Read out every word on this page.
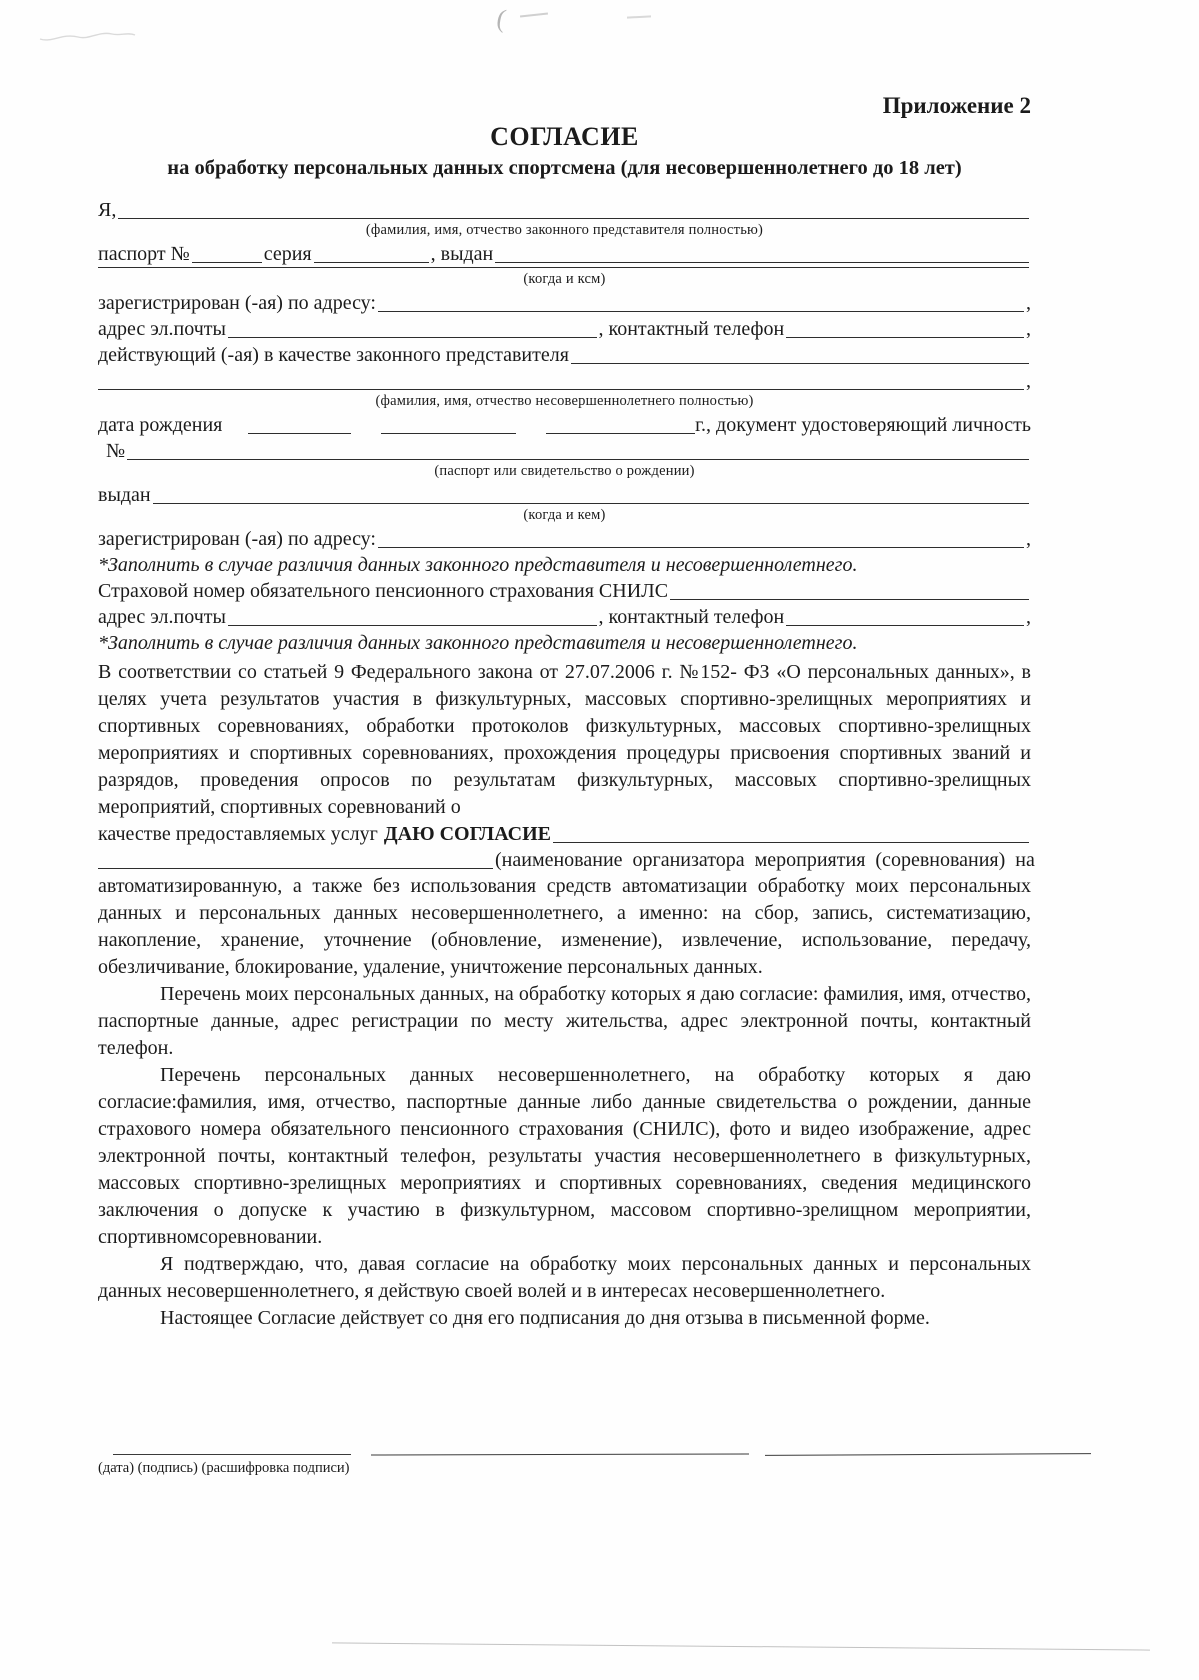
(
Приложение 2
СОГЛАСИЕ
на обработку персональных данных спортсмена (для несовершеннолетнего до 18 лет)
Я,
(фамилия, имя, отчество законного представителя полностью)
паспорт №	серия	, выдан
(когда и ксм)
зарегистрирован (-ая) по адресу:	,
адрес эл.почты	, контактный телефон	,
действующий (-ая) в качестве законного представителя
,
(фамилия, имя, отчество несовершеннолетнего полностью)
дата рождения	г., документ удостоверяющий личность
№
(паспорт или свидетельство о рождении)
выдан
(когда и кем)
зарегистрирован (-ая) по адресу:	,
*Заполнить в случае различия данных законного представителя и несовершеннолетнего.
Страховой номер обязательного пенсионного страхования СНИЛС
адрес эл.почты	, контактный телефон	,
*Заполнить в случае различия данных законного представителя и несовершеннолетнего.

В соответствии со статьей 9 Федерального закона от 27.07.2006 г. №152- ФЗ «О персональных данных», в целях учета результатов участия в физкультурных, массовых спортивно-зрелищных мероприятиях и спортивных соревнованиях, обработки протоколов физкультурных, массовых спортивно-зрелищных мероприятиях и спортивных соревнованиях, прохождения процедуры присвоения спортивных званий и разрядов, проведения опросов по результатам физкультурных, массовых спортивно-зрелищных мероприятий, спортивных соревнований о

качестве предоставляемых услуг ДАЮ СОГЛАСИЕ
(наименование организатора мероприятия (соревнования) на

автоматизированную, а также без использования средств автоматизации обработку моих персональных данных и персональных данных несовершеннолетнего, а именно: на сбор, запись, систематизацию, накопление, хранение, уточнение (обновление, изменение), извлечение, использование, передачу, обезличивание, блокирование, удаление, уничтожение персональных данных.

Перечень моих персональных данных, на обработку которых я даю согласие: фамилия, имя, отчество, паспортные данные, адрес регистрации по месту жительства, адрес электронной почты, контактный телефон.

Перечень персональных данных несовершеннолетнего, на обработку которых я даю согласие:фамилия, имя, отчество, паспортные данные либо данные свидетельства о рождении, данные страхового номера обязательного пенсионного страхования (СНИЛС), фото и видео изображение, адрес электронной почты, контактный телефон, результаты участия несовершеннолетнего в физкультурных, массовых спортивно-зрелищных мероприятиях и спортивных соревнованиях, сведения медицинского заключения о допуске к участию в физкультурном, массовом спортивно-зрелищном мероприятии, спортивномсоревновании.

Я подтверждаю, что, давая согласие на обработку моих персональных данных и персональных данных несовершеннолетнего, я действую своей волей и в интересах несовершеннолетнего.

Настоящее Согласие действует со дня его подписания до дня отзыва в письменной форме.

(дата) (подпись) (расшифровка подписи)
